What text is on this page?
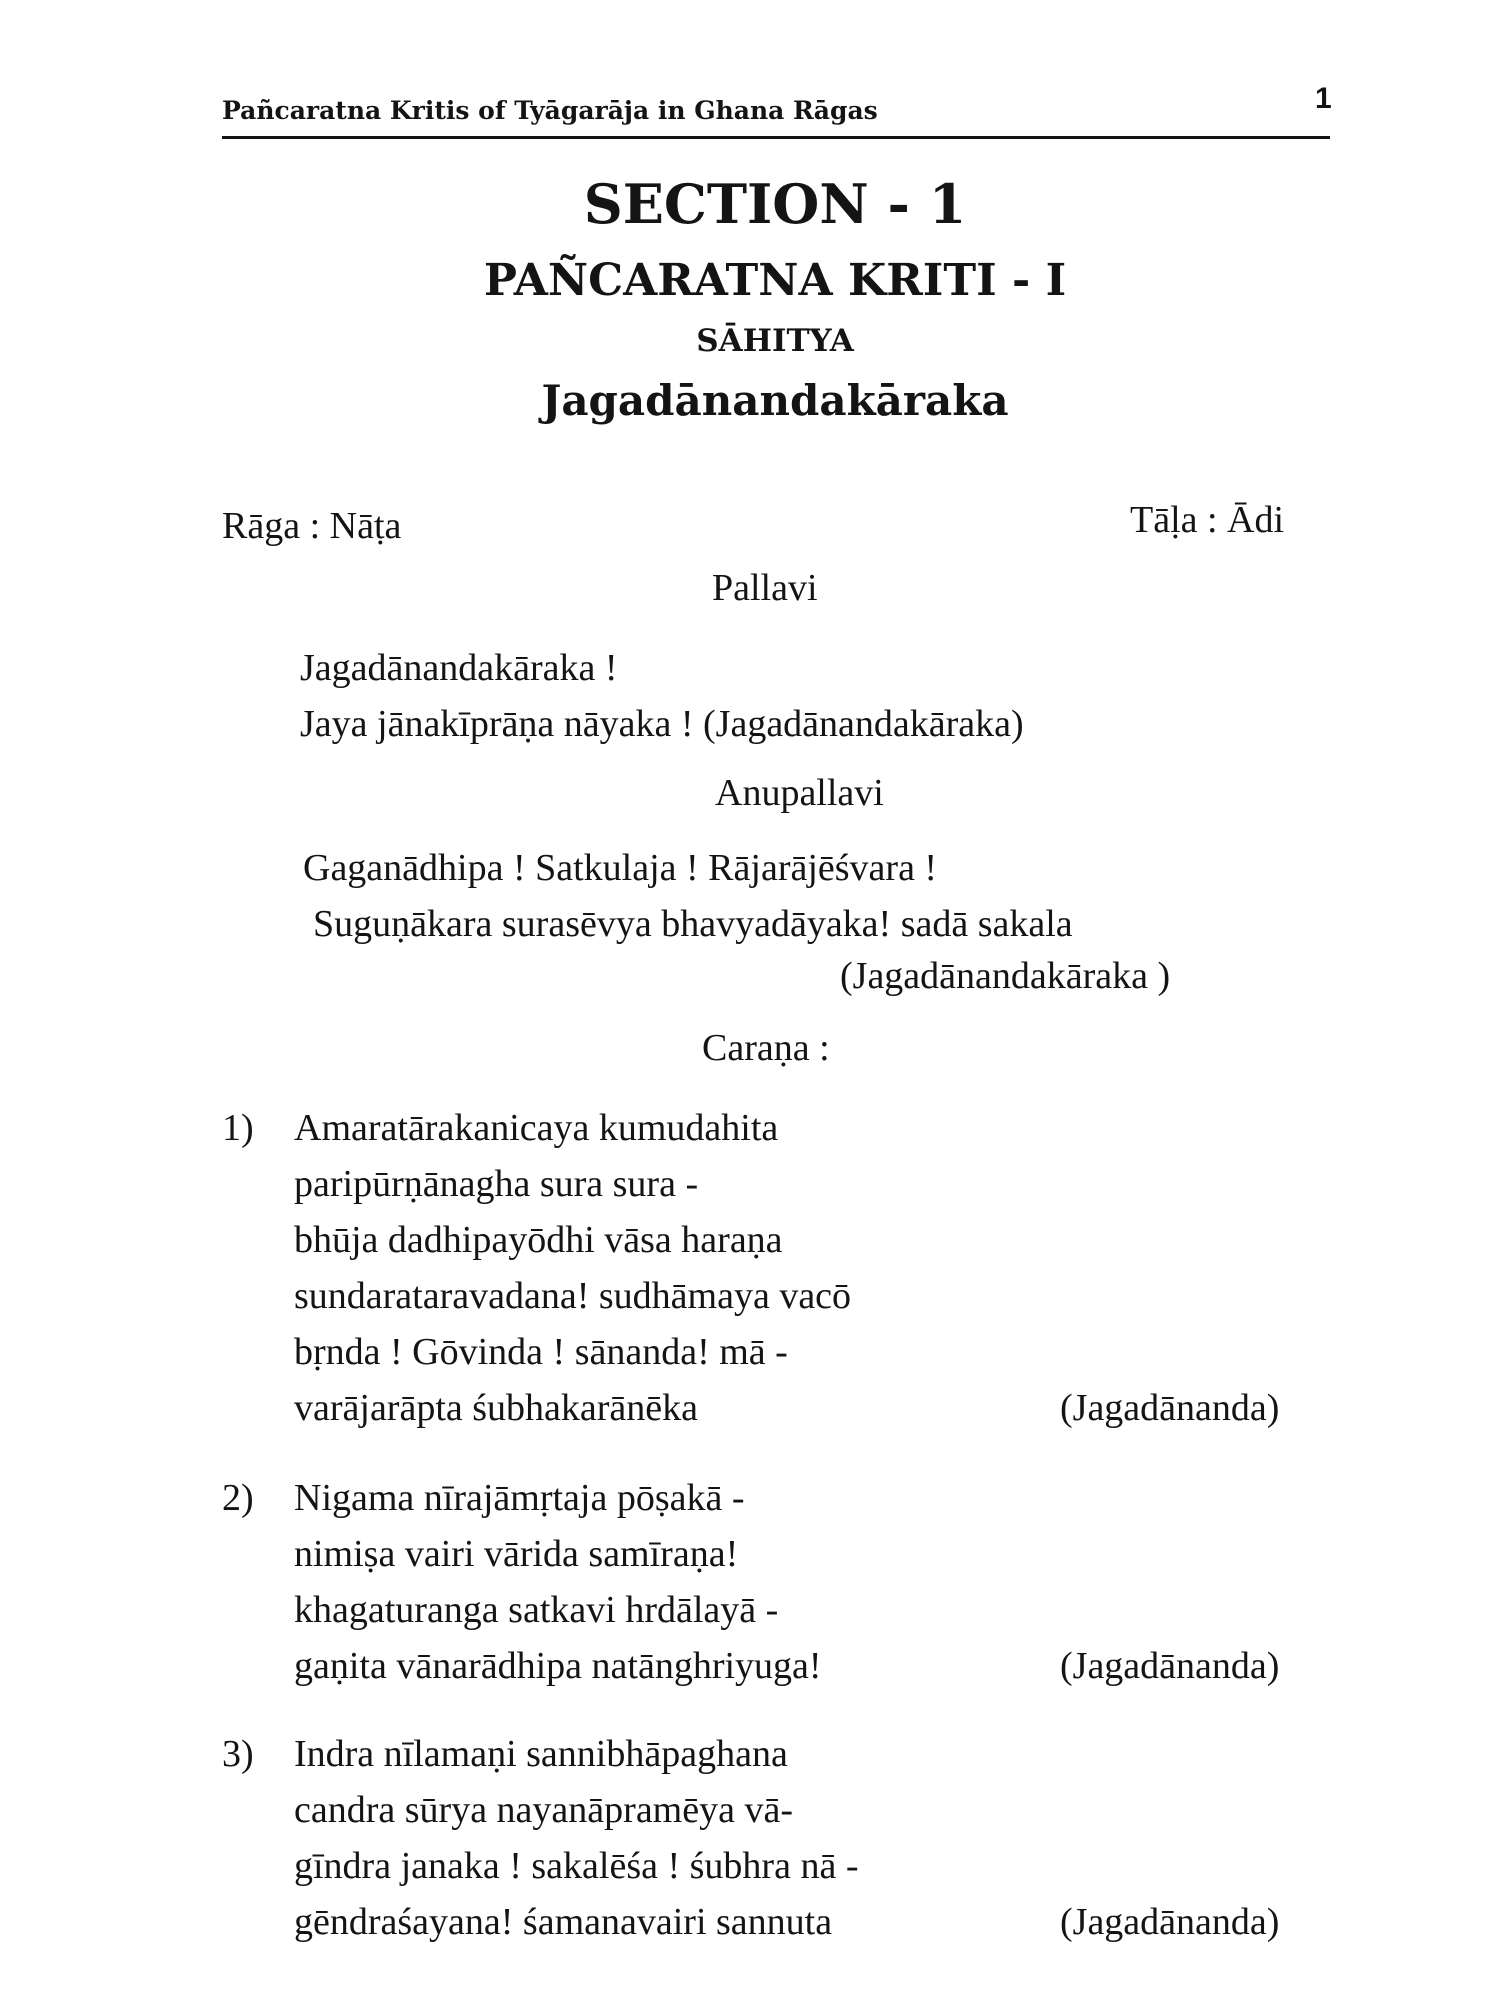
Pañcaratna Kritis of Tyāgarāja in Ghana Rāgas	1
SECTION - 1
PAÑCARATNA KRITI - I
SĀHITYA
Jagadānandakāraka
Rāga : Nāṭa	Tāḷa : Ādi
Pallavi
Jagadānandakāraka !
Jaya jānakīprāṇa nāyaka ! (Jagadānandakāraka)
Anupallavi
Gaganādhipa ! Satkulaja ! Rājarājēśvara !
Suguṇākara surasēvya bhavyadāyaka! sadā sakala
(Jagadānandakāraka )
Caraṇa :
1)	Amaratārakanicaya kumudahita
paripūrṇānagha sura sura -
bhūja dadhipayōdhi vāsa haraṇa
sundarataravadana! sudhāmaya vacō
bṛnda ! Gōvinda ! sānanda! mā -
varājarāpta śubhakarānēka	(Jagadānanda)
2)	Nigama nīrajāmṛtaja pōṣakā -
nimiṣa vairi vārida samīraṇa!
khagaturanga satkavi hrdālayā -
gaṇita vānarādhipa natānghriyuga!	(Jagadānanda)
3)	Indra nīlamaṇi sannibhāpaghana
candra sūrya nayanāpramēya vā-
gīndra janaka ! sakalēśa ! śubhra nā -
gēndraśayana! śamanavairi sannuta	(Jagadānanda)
